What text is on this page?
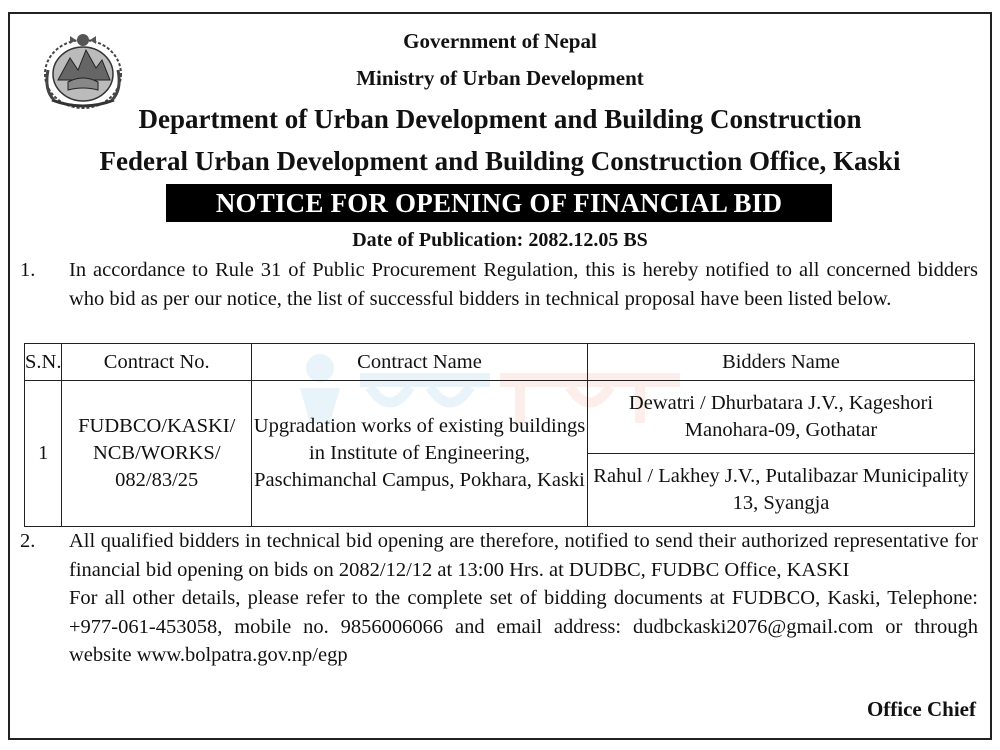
Government of Nepal
Ministry of Urban Development
Department of Urban Development and Building Construction
Federal Urban Development and Building Construction Office, Kaski
NOTICE FOR OPENING OF FINANCIAL BID
Date of Publication: 2082.12.05 BS
1.	In accordance to Rule 31 of Public Procurement Regulation, this is hereby notified to all concerned bidders who bid as per our notice, the list of successful bidders in technical proposal have been listed below.
S.N.	Contract No.	Contract Name	Bidders Name
1	FUDBCO/KASKI/ NCB/WORKS/ 082/83/25	Upgradation works of existing buildings in Institute of Engineering, Paschimanchal Campus, Pokhara, Kaski	Dewatri / Dhurbatara J.V., Kageshori Manohara-09, Gothatar
			Rahul / Lakhey J.V., Putalibazar Municipality 13, Syangja
2.	All qualified bidders in technical bid opening are therefore, notified to send their authorized representative for financial bid opening on bids on 2082/12/12 at 13:00 Hrs. at DUDBC, FUDBC Office, KASKI
For all other details, please refer to the complete set of bidding documents at FUDBCO, Kaski, Telephone: +977-061-453058, mobile no. 9856006066 and email address: dudbckaski2076@gmail.com or through website www.bolpatra.gov.np/egp
Office Chief
